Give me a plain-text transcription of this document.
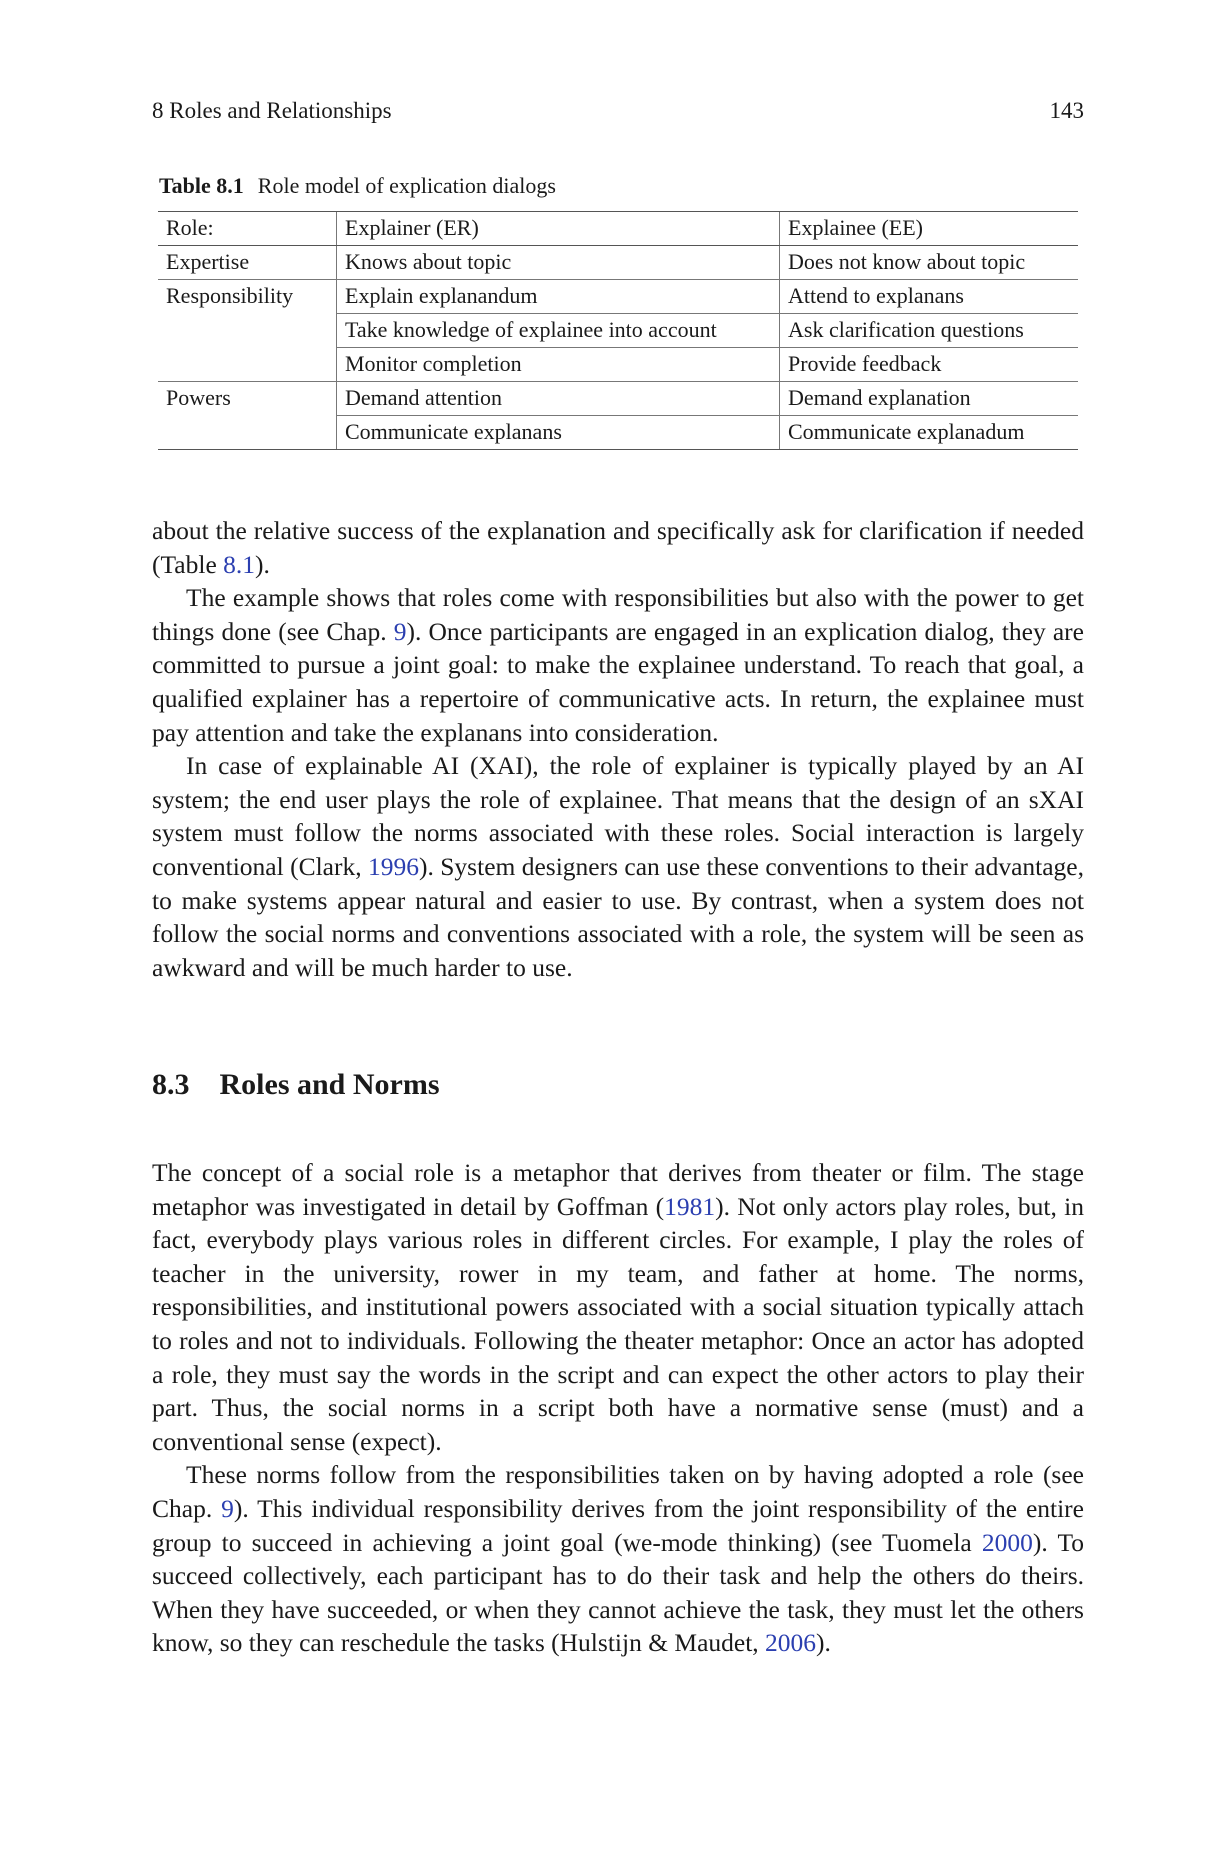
8 Roles and Relationships	143
Table 8.1 Role model of explication dialogs
Role:	Explainer (ER)	Explainee (EE)
Expertise	Knows about topic	Does not know about topic
Responsibility	Explain explanandum	Attend to explanans
	Take knowledge of explainee into account	Ask clarification questions
	Monitor completion	Provide feedback
Powers	Demand attention	Demand explanation
	Communicate explanans	Communicate explanadum

about the relative success of the explanation and specifically ask for clarification if needed (Table 8.1).

The example shows that roles come with responsibilities but also with the power to get things done (see Chap. 9). Once participants are engaged in an explication dialog, they are committed to pursue a joint goal: to make the explainee understand. To reach that goal, a qualified explainer has a repertoire of communicative acts. In return, the explainee must pay attention and take the explanans into consideration.

In case of explainable AI (XAI), the role of explainer is typically played by an AI system; the end user plays the role of explainee. That means that the design of an sXAI system must follow the norms associated with these roles. Social interaction is largely conventional (Clark, 1996). System designers can use these conventions to their advantage, to make systems appear natural and easier to use. By contrast, when a system does not follow the social norms and conventions associated with a role, the system will be seen as awkward and will be much harder to use.

8.3 Roles and Norms

The concept of a social role is a metaphor that derives from theater or film. The stage metaphor was investigated in detail by Goffman (1981). Not only actors play roles, but, in fact, everybody plays various roles in different circles. For example, I play the roles of teacher in the university, rower in my team, and father at home. The norms, responsibilities, and institutional powers associated with a social situation typically attach to roles and not to individuals. Following the theater metaphor: Once an actor has adopted a role, they must say the words in the script and can expect the other actors to play their part. Thus, the social norms in a script both have a normative sense (must) and a conventional sense (expect).

These norms follow from the responsibilities taken on by having adopted a role (see Chap. 9). This individual responsibility derives from the joint responsibility of the entire group to succeed in achieving a joint goal (we-mode thinking) (see Tuomela 2000). To succeed collectively, each participant has to do their task and help the others do theirs. When they have succeeded, or when they cannot achieve the task, they must let the others know, so they can reschedule the tasks (Hulstijn & Maudet, 2006).
